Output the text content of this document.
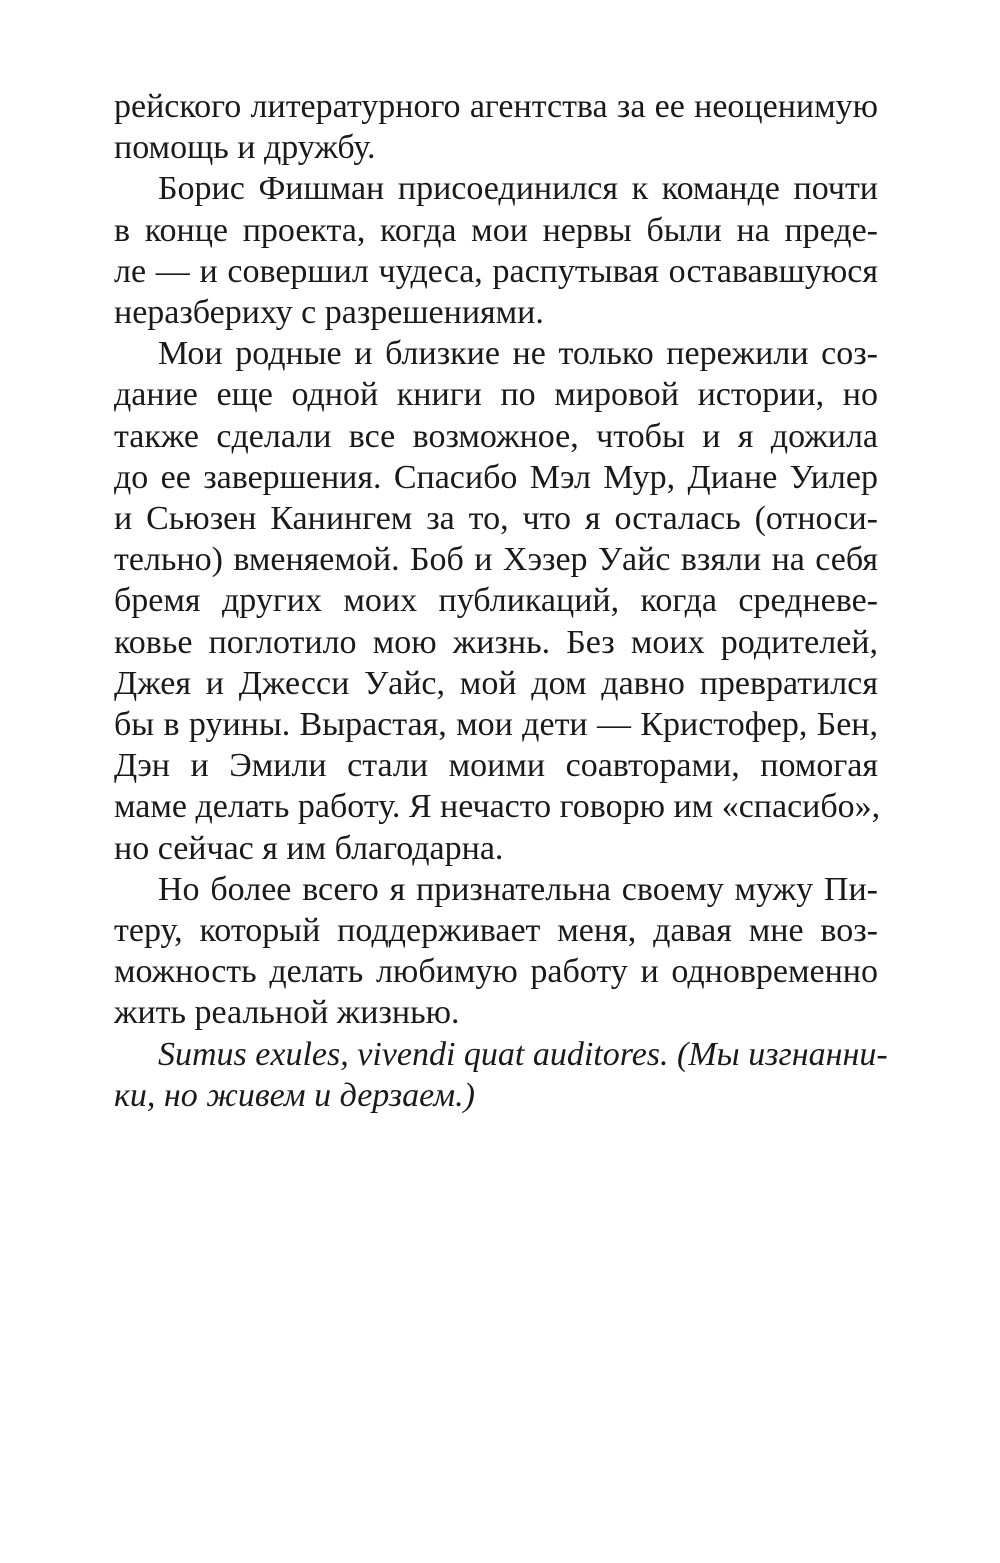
рейского литературного агентства за ее неоценимую
помощь и дружбу.

Борис Фишман присоединился к команде почти
в конце проекта, когда мои нервы были на преде-
ле — и совершил чудеса, распутывая остававшуюся
неразбериху с разрешениями.

Мои родные и близкие не только пережили соз-
дание еще одной книги по мировой истории, но
также сделали все возможное, чтобы и я дожила
до ее завершения. Спасибо Мэл Мур, Диане Уилер
и Сьюзен Канингем за то, что я осталась (относи-
тельно) вменяемой. Боб и Хэзер Уайс взяли на себя
бремя других моих публикаций, когда средневе-
ковье поглотило мою жизнь. Без моих родителей,
Джея и Джесси Уайс, мой дом давно превратился
бы в руины. Вырастая, мои дети — Кристофер, Бен,
Дэн и Эмили стали моими соавторами, помогая
маме делать работу. Я нечасто говорю им «спасибо»,
но сейчас я им благодарна.

Но более всего я признательна своему мужу Пи-
теру, который поддерживает меня, давая мне воз-
можность делать любимую работу и одновременно
жить реальной жизнью.

Sumus exules, vivendi quat auditores. (Мы изгнанни-
ки, но живем и дерзаем.)
